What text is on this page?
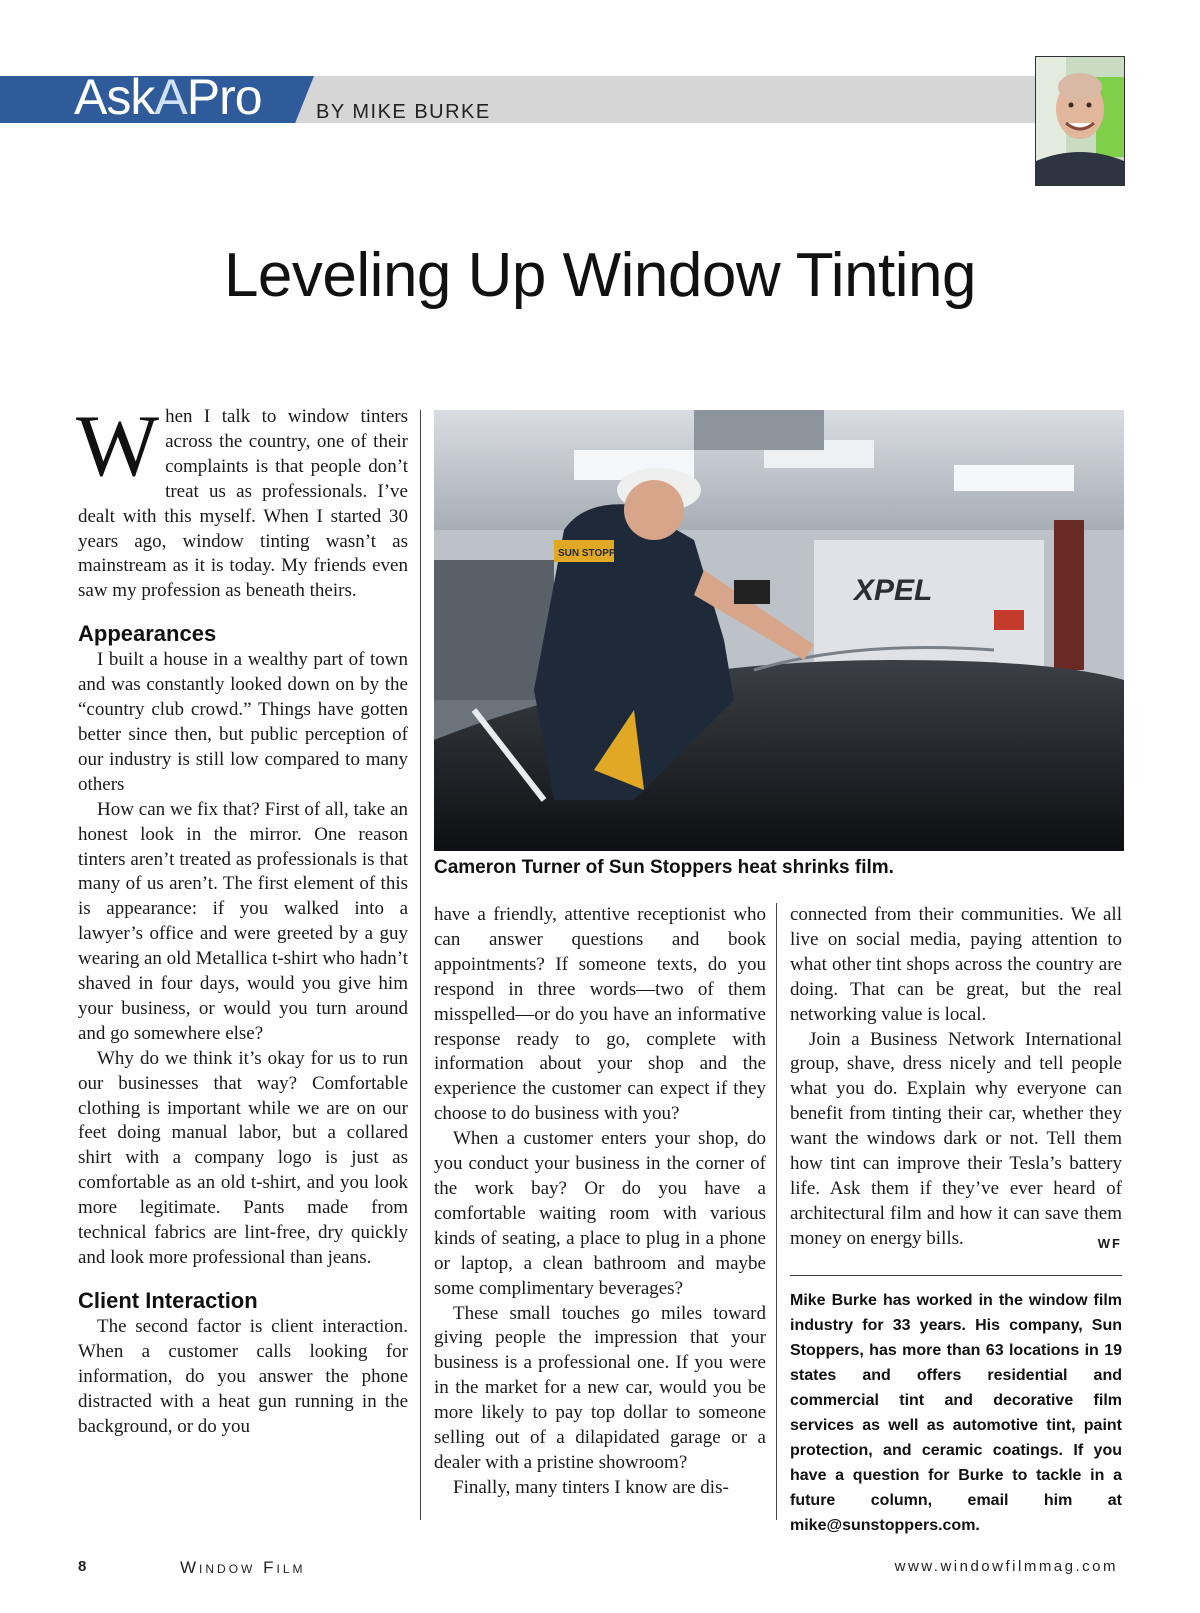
AskAPro	BY MIKE BURKE
Leveling Up Window Tinting

When I talk to window tinters across the country, one of their complaints is that people don’t treat us as professionals. I’ve dealt with this myself. When I started 30 years ago, window tinting wasn’t as mainstream as it is today. My friends even saw my profession as beneath theirs.

Appearances

I built a house in a wealthy part of town and was constantly looked down on by the “country club crowd.” Things have gotten better since then, but public perception of our industry is still low compared to many others

How can we fix that? First of all, take an honest look in the mirror. One reason tinters aren’t treated as professionals is that many of us aren’t. The first element of this is appearance: if you walked into a lawyer’s office and were greeted by a guy wearing an old Metallica t-shirt who hadn’t shaved in four days, would you give him your business, or would you turn around and go somewhere else?

Why do we think it’s okay for us to run our businesses that way? Comfortable clothing is important while we are on our feet doing manual labor, but a collared shirt with a company logo is just as comfortable as an old t-shirt, and you look more legitimate. Pants made from technical fabrics are lint-free, dry quickly and look more professional than jeans.

Client Interaction

The second factor is client interaction. When a customer calls looking for information, do you answer the phone distracted with a heat gun running in the background, or do you

XPEL
SUN STOPPERS
Cameron Turner of Sun Stoppers heat shrinks film.

have a friendly, attentive receptionist who can answer questions and book appointments? If someone texts, do you respond in three words—two of them misspelled—or do you have an informative response ready to go, complete with information about your shop and the experience the customer can expect if they choose to do business with you?

When a customer enters your shop, do you conduct your business in the corner of the work bay? Or do you have a comfortable waiting room with various kinds of seating, a place to plug in a phone or laptop, a clean bathroom and maybe some complimentary beverages?

These small touches go miles toward giving people the impression that your business is a professional one. If you were in the market for a new car, would you be more likely to pay top dollar to someone selling out of a dilapidated garage or a dealer with a pristine showroom?

Finally, many tinters I know are dis-

connected from their communities. We all live on social media, paying attention to what other tint shops across the country are doing. That can be great, but the real networking value is local.

Join a Business Network International group, shave, dress nicely and tell people what you do. Explain why everyone can benefit from tinting their car, whether they want the windows dark or not. Tell them how tint can improve their Tesla’s battery life. Ask them if they’ve ever heard of architectural film and how it can save them money on energy bills.	WF

Mike Burke has worked in the window film industry for 33 years. His company, Sun Stoppers, has more than 63 locations in 19 states and offers residential and commercial tint and decorative film services as well as automotive tint, paint protection, and ceramic coatings. If you have a question for Burke to tackle in a future column, email him at mike@sunstoppers.com.
8	Window Film	www.windowfilmmag.com
